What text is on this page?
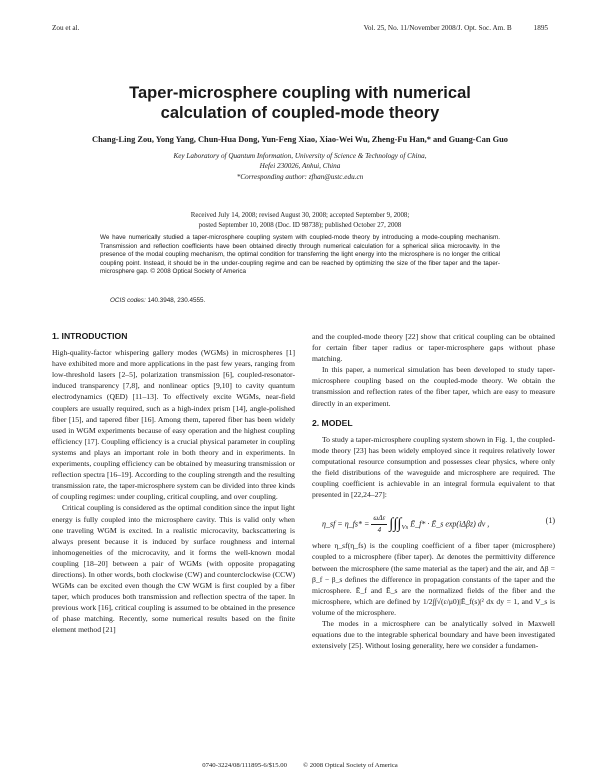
Zou et al.	Vol. 25, No. 11/November 2008/J. Opt. Soc. Am. B	1895
Taper-microsphere coupling with numerical
calculation of coupled-mode theory
Chang-Ling Zou, Yong Yang, Chun-Hua Dong, Yun-Feng Xiao, Xiao-Wei Wu, Zheng-Fu Han,* and Guang-Can Guo
Key Laboratory of Quantum Information, University of Science & Technology of China,
Hefei 230026, Anhui, China
*Corresponding author: zfhan@ustc.edu.cn
Received July 14, 2008; revised August 30, 2008; accepted September 9, 2008;
posted September 10, 2008 (Doc. ID 98738); published October 27, 2008
We have numerically studied a taper-microsphere coupling system with coupled-mode theory by introducing a mode-coupling mechanism. Transmission and reflection coefficients have been obtained directly through numerical calculation for a spherical silica microcavity. In the presence of the modal coupling mechanism, the optimal condition for transferring the light energy into the microsphere is no longer the critical coupling point. Instead, it should be in the under-coupling regime and can be reached by optimizing the size of the fiber taper and the taper-microsphere gap. © 2008 Optical Society of America
OCIS codes: 140.3948, 230.4555.
1. INTRODUCTION

High-quality-factor whispering gallery modes (WGMs) in microspheres [1] have exhibited more and more applications in the past few years, ranging from low-threshold lasers [2–5], polarization transmission [6], coupled-resonator-induced transparency [7,8], and nonlinear optics [9,10] to cavity quantum electrodynamics (QED) [11–13]. To effectively excite WGMs, near-field couplers are usually required, such as a high-index prism [14], angle-polished fiber [15], and tapered fiber [16]. Among them, tapered fiber has been widely used in WGM experiments because of easy operation and the highest coupling efficiency [17]. Coupling efficiency is a crucial physical parameter in coupling systems and plays an important role in both theory and in experiments. In experiments, coupling efficiency can be obtained by measuring transmission or reflection spectra [16–19]. According to the coupling strength and the resulting transmission rate, the taper-microsphere system can be divided into three kinds of coupling regimes: under coupling, critical coupling, and over coupling.

Critical coupling is considered as the optimal condition since the input light energy is fully coupled into the microsphere cavity. This is valid only when one traveling WGM is excited. In a realistic microcavity, backscattering is always present because it is induced by surface roughness and internal inhomogeneities of the microcavity, and it forms the well-known modal coupling [18–20] between a pair of WGMs (with opposite propagating directions). In other words, both clockwise (CW) and counterclockwise (CCW) WGMs can be excited even though the CW WGM is first coupled by a fiber taper, which produces both transmission and reflection spectra of the taper. In previous work [16], critical coupling is assumed to be obtained in the presence of phase matching. Recently, some numerical results based on the finite element method [21]

and the coupled-mode theory [22] show that critical coupling can be obtained for certain fiber taper radius or taper-microsphere gaps without phase matching.

In this paper, a numerical simulation has been developed to study taper-microsphere coupling based on the coupled-mode theory. We obtain the transmission and reflection rates of the fiber taper, which are easy to measure directly in an experiment.

2. MODEL

To study a taper-microsphere coupling system shown in Fig. 1, the coupled-mode theory [23] has been widely employed since it requires relatively lower computational resource consumption and possesses clear physics, where only the field distributions of the waveguide and microsphere are required. The coupling coefficient is achievable in an integral formula equivalent to that presented in [22,24–27]:

η_sf = η_fs* = $\frac{\text{ωΔε}}{4} \int\int\int_{Vs}$ Ē_f* · Ē_s exp(iΔβz) dv ,	(1)

where η_sf(η_fs) is the coupling coefficient of a fiber taper (microsphere) coupled to a microsphere (fiber taper). Δε denotes the permittivity difference between the microsphere (the same material as the taper) and the air, and Δβ = β_f − β_s defines the difference in propagation constants of the taper and the microsphere. Ē_f and Ē_s are the normalized fields of the fiber and the microsphere, which are defined by 1/2∫∫√(ε/μ0)|Ē_f(s)|² dx dy = 1, and V_s is volume of the microsphere.

The modes in a microsphere can be analytically solved in Maxwell equations due to the integrable spherical boundary and have been investigated extensively [25]. Without losing generality, here we consider a fundamen-

0740-3224/08/111895-6/$15.00 © 2008 Optical Society of America
